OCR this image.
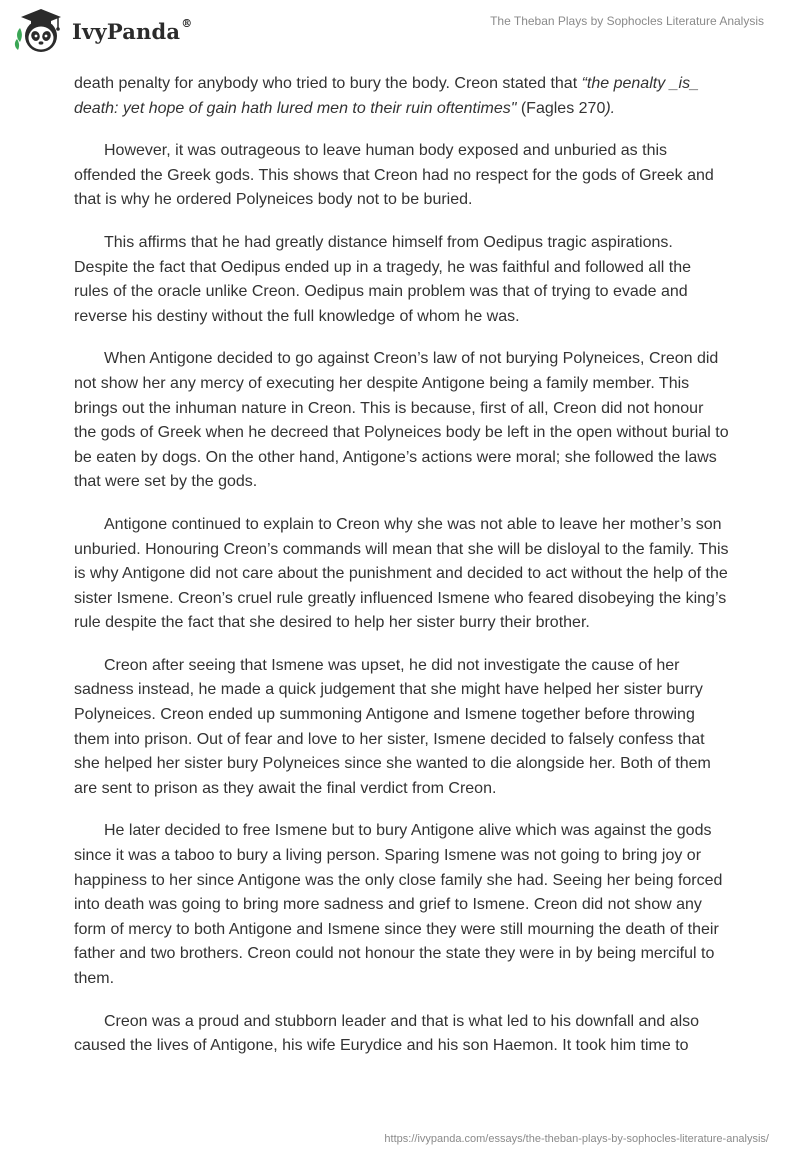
IvyPanda®	The Theban Plays by Sophocles Literature Analysis

death penalty for anybody who tried to bury the body. Creon stated that “the penalty _is_ death: yet hope of gain hath lured men to their ruin oftentimes" (Fagles 270).

However, it was outrageous to leave human body exposed and unburied as this offended the Greek gods. This shows that Creon had no respect for the gods of Greek and that is why he ordered Polyneices body not to be buried.

This affirms that he had greatly distance himself from Oedipus tragic aspirations. Despite the fact that Oedipus ended up in a tragedy, he was faithful and followed all the rules of the oracle unlike Creon. Oedipus main problem was that of trying to evade and reverse his destiny without the full knowledge of whom he was.

When Antigone decided to go against Creon’s law of not burying Polyneices, Creon did not show her any mercy of executing her despite Antigone being a family member. This brings out the inhuman nature in Creon. This is because, first of all, Creon did not honour the gods of Greek when he decreed that Polyneices body be left in the open without burial to be eaten by dogs. On the other hand, Antigone’s actions were moral; she followed the laws that were set by the gods.

Antigone continued to explain to Creon why she was not able to leave her mother’s son unburied. Honouring Creon’s commands will mean that she will be disloyal to the family. This is why Antigone did not care about the punishment and decided to act without the help of the sister Ismene. Creon’s cruel rule greatly influenced Ismene who feared disobeying the king’s rule despite the fact that she desired to help her sister burry their brother.

Creon after seeing that Ismene was upset, he did not investigate the cause of her sadness instead, he made a quick judgement that she might have helped her sister burry Polyneices. Creon ended up summoning Antigone and Ismene together before throwing them into prison. Out of fear and love to her sister, Ismene decided to falsely confess that she helped her sister bury Polyneices since she wanted to die alongside her. Both of them are sent to prison as they await the final verdict from Creon.

He later decided to free Ismene but to bury Antigone alive which was against the gods since it was a taboo to bury a living person. Sparing Ismene was not going to bring joy or happiness to her since Antigone was the only close family she had. Seeing her being forced into death was going to bring more sadness and grief to Ismene. Creon did not show any form of mercy to both Antigone and Ismene since they were still mourning the death of their father and two brothers. Creon could not honour the state they were in by being merciful to them.

Creon was a proud and stubborn leader and that is what led to his downfall and also caused the lives of Antigone, his wife Eurydice and his son Haemon. It took him time to

https://ivypanda.com/essays/the-theban-plays-by-sophocles-literature-analysis/
